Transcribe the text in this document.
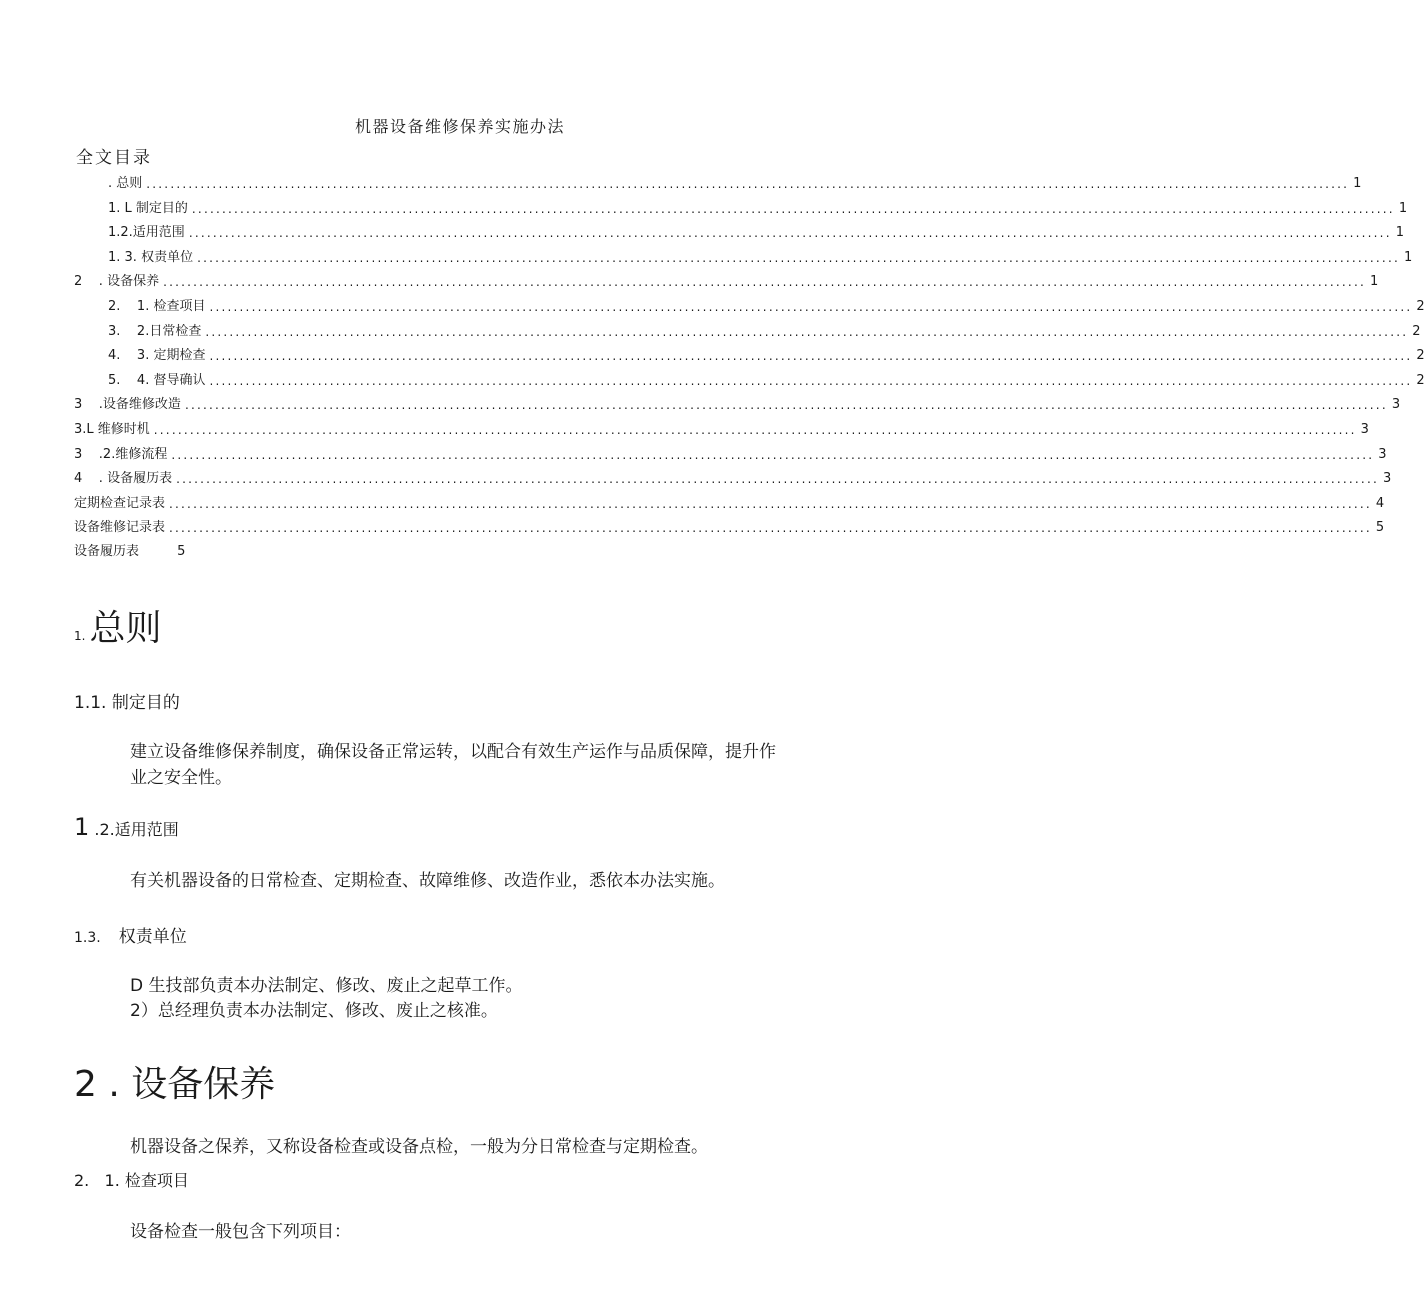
机器设备维修保养实施办法
全文目录
. 总则 ........................................................................................................................................................................................................ 1
1. L 制定目的 ........................................................................................................................................................................................................ 1
1.2.适用范围 ........................................................................................................................................................................................................ 1
1. 3. 权责单位 ........................................................................................................................................................................................................ 1
2    . 设备保养 ........................................................................................................................................................................................................ 1
2.    1. 检查项目 ........................................................................................................................................................................................................ 2
3.    2.日常检查 ........................................................................................................................................................................................................ 2
4.    3. 定期检查 ........................................................................................................................................................................................................ 2
5.    4. 督导确认 ........................................................................................................................................................................................................ 2
3    .设备维修改造 ........................................................................................................................................................................................................ 3
3.L 维修时机 ........................................................................................................................................................................................................ 3
3    .2.维修流程 ........................................................................................................................................................................................................ 3
4    . 设备履历表 ........................................................................................................................................................................................................ 3
定期检查记录表 ........................................................................................................................................................................................................ 4
设备维修记录表 ........................................................................................................................................................................................................ 5
设备履历表	5
1. 总则
1.1. 制定目的
建立设备维修保养制度，确保设备正常运转，以配合有效生产运作与品质保障，提升作
业之安全性。
1 .2.适用范围
有关机器设备的日常检查、定期检查、故障维修、改造作业，悉依本办法实施。
1.3. 权责单位
D 生技部负责本办法制定、修改、废止之起草工作。
2）总经理负责本办法制定、修改、废止之核准。
2 . 设备保养
机器设备之保养，又称设备检查或设备点检，一般为分日常检查与定期检查。
2.   1. 检查项目
设备检查一般包含下列项目：
